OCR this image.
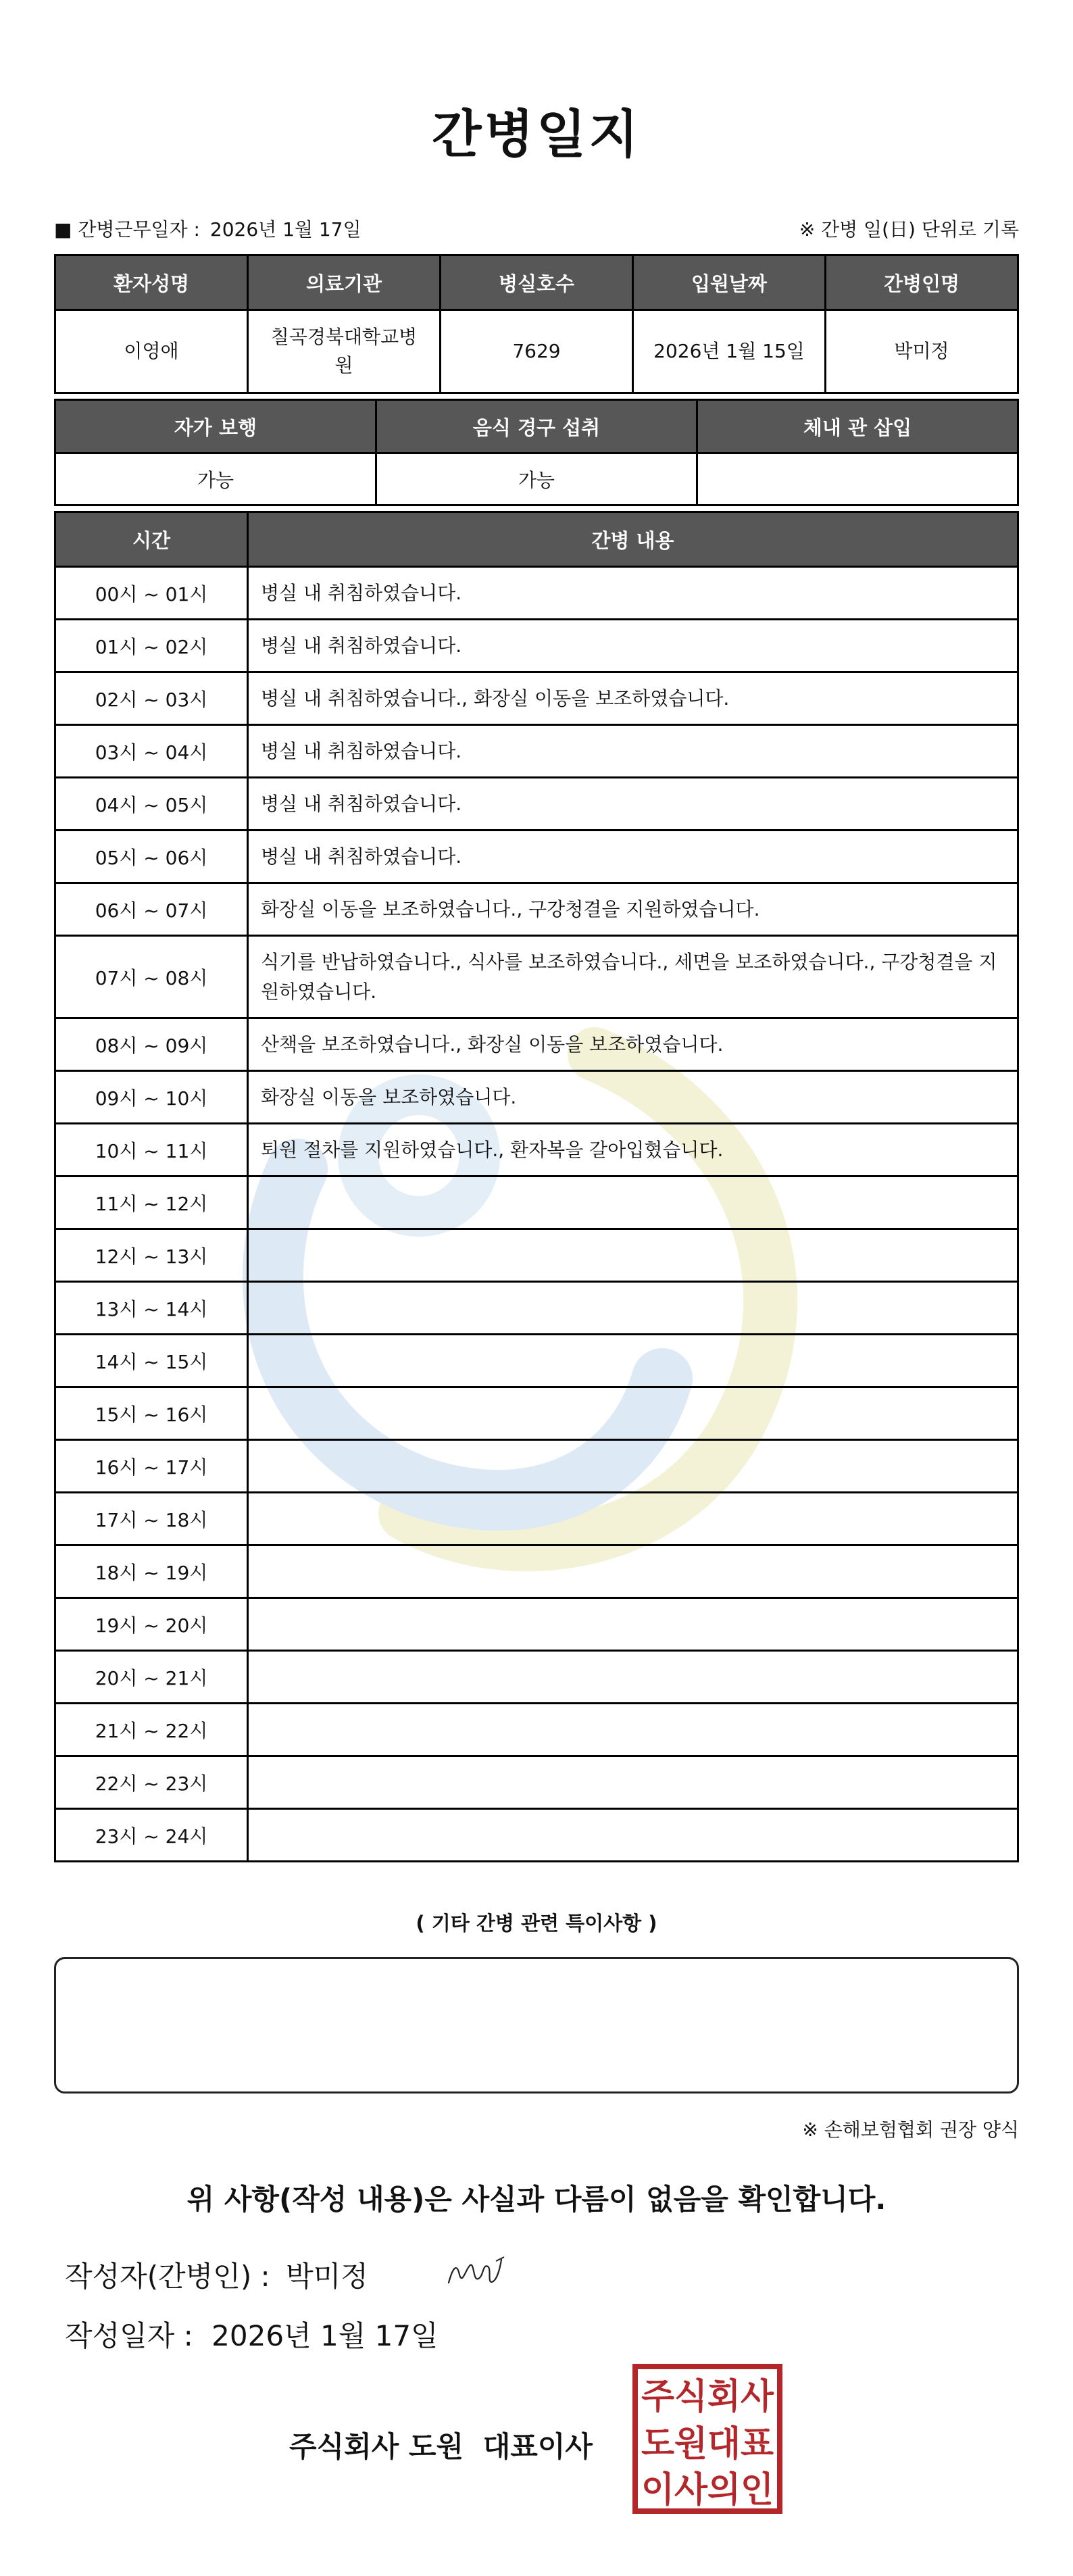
간병일지
■ 간병근무일자 : 2026년 1월 17일	※ 간병 일(日) 단위로 기록
환자성명	의료기관	병실호수	입원날짜	간병인명
이영애	칠곡경북대학교병원	7629	2026년 1월 15일	박미정
자가 보행	음식 경구 섭취	체내 관 삽입
가능	가능	
시간	간병 내용
00시 ~ 01시	병실 내 취침하였습니다.
01시 ~ 02시	병실 내 취침하였습니다.
02시 ~ 03시	병실 내 취침하였습니다., 화장실 이동을 보조하였습니다.
03시 ~ 04시	병실 내 취침하였습니다.
04시 ~ 05시	병실 내 취침하였습니다.
05시 ~ 06시	병실 내 취침하였습니다.
06시 ~ 07시	화장실 이동을 보조하였습니다., 구강청결을 지원하였습니다.
07시 ~ 08시	식기를 반납하였습니다., 식사를 보조하였습니다., 세면을 보조하였습니다., 구강청결을 지원하였습니다.
08시 ~ 09시	산책을 보조하였습니다., 화장실 이동을 보조하였습니다.
09시 ~ 10시	화장실 이동을 보조하였습니다.
10시 ~ 11시	퇴원 절차를 지원하였습니다., 환자복을 갈아입혔습니다.
11시 ~ 12시	
12시 ~ 13시	
13시 ~ 14시	
14시 ~ 15시	
15시 ~ 16시	
16시 ~ 17시	
17시 ~ 18시	
18시 ~ 19시	
19시 ~ 20시	
20시 ~ 21시	
21시 ~ 22시	
22시 ~ 23시	
23시 ~ 24시	
( 기타 간병 관련 특이사항 )
※ 손해보험협회 권장 양식
위 사항(작성 내용)은 사실과 다름이 없음을 확인합니다.
작성자(간병인) : 박미정
작성일자 : 2026년 1월 17일
주식회사 도원 대표이사
주식회사
도원대표
이사의인
